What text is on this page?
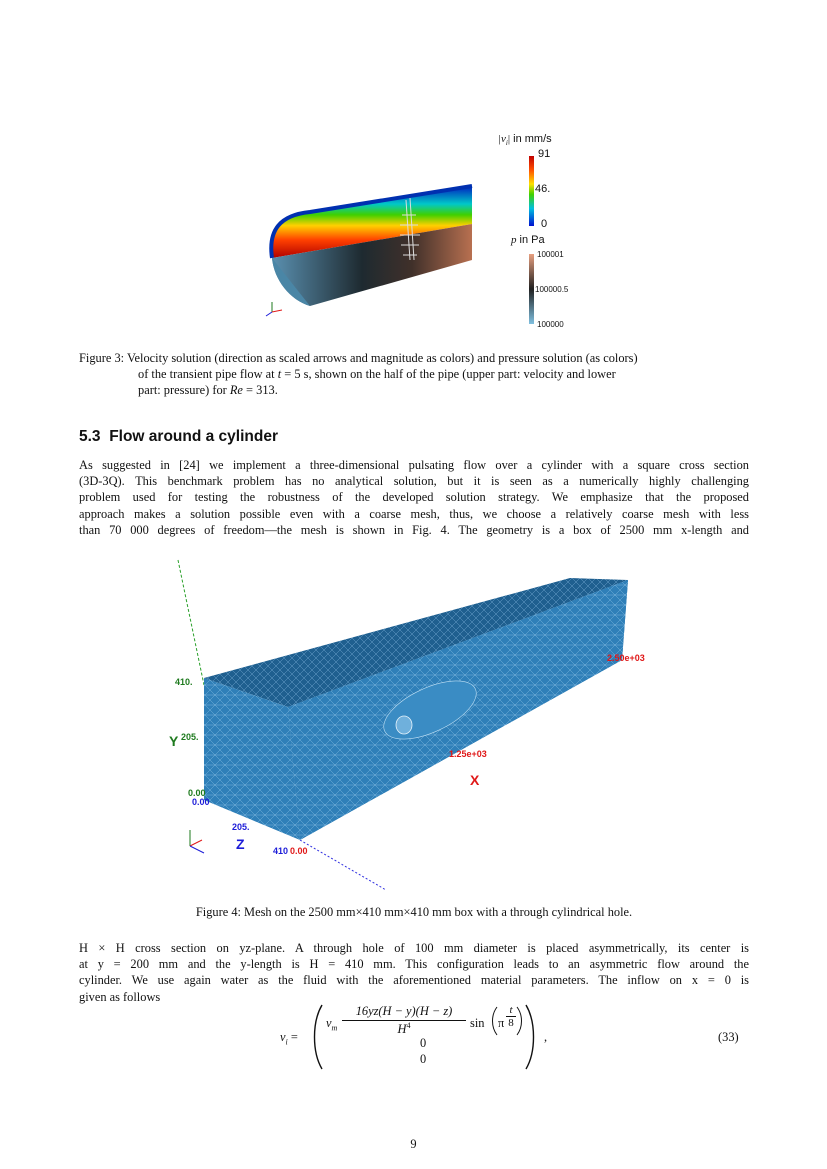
$|v_i|$ in mm/s
91
46.
0
p in Pa
100001
100000.5
100000
Figure 3: Velocity solution (direction as scaled arrows and magnitude as colors) and pressure solution (as colors)
of the transient pipe flow at t = 5 s, shown on the half of the pipe (upper part: velocity and lower
part: pressure) for Re = 313.
5.3 Flow around a cylinder
As suggested in [24] we implement a three-dimensional pulsating flow over a cylinder with a square cross section
(3D-3Q). This benchmark problem has no analytical solution, but it is seen as a numerically highly challenging
problem used for testing the robustness of the developed solution strategy. We emphasize that the proposed
approach makes a solution possible even with a coarse mesh, thus, we choose a relatively coarse mesh with less
than 70 000 degrees of freedom—the mesh is shown in Fig. 4. The geometry is a box of 2500 mm x-length and
410.
205.
Y
0.00
0.00
1.25e+03
2.50e+03
X
0.00
205.
Z	410
Figure 4: Mesh on the 2500 mm×410 mm×410 mm box with a through cylindrical hole.
H × H cross section on yz-plane. A through hole of 100 mm diameter is placed asymmetrically, its center is
at y = 200 mm and the y-length is H = 410 mm. This configuration leads to an asymmetric flow around the
cylinder. We use again water as the fluid with the aforementioned material parameters. The inflow on x = 0 is
given as follows
$v_i$ =
$v_m$
16yz(H − y)(H − z)
$H^4$	sin π
t
8
0
0
,	(33)
9
